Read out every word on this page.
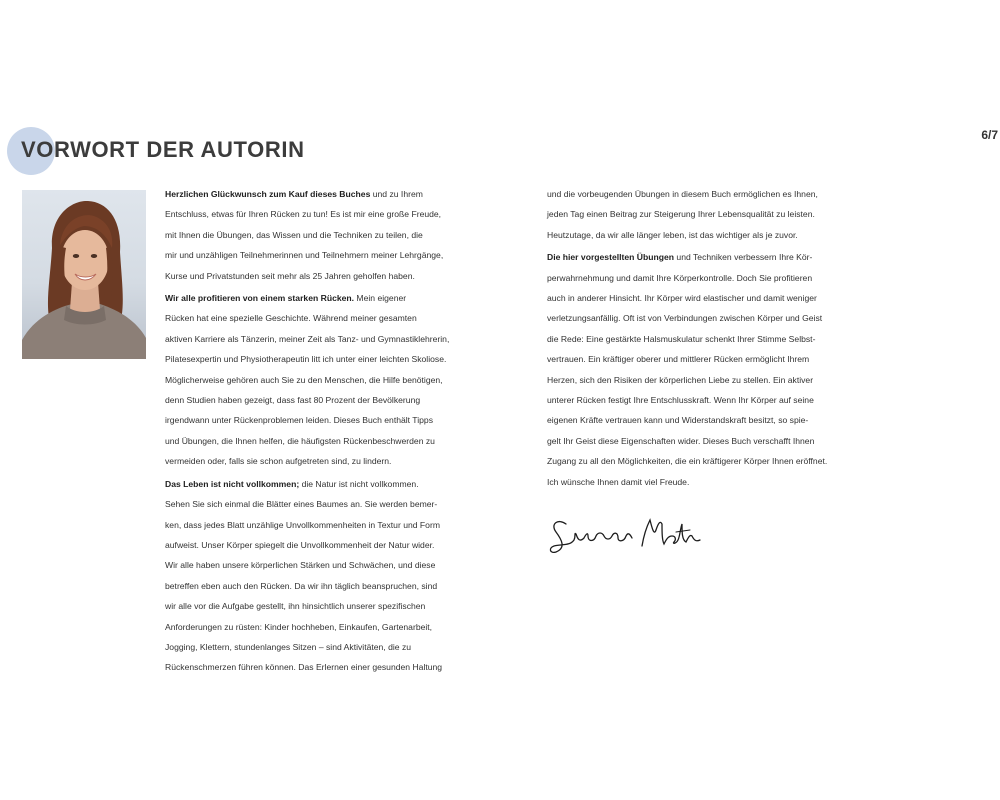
6/7
VORWORT DER AUTORIN

Herzlichen Glückwunsch zum Kauf dieses Buches und zu Ihrem
Entschluss, etwas für Ihren Rücken zu tun! Es ist mir eine große Freude,
mit Ihnen die Übungen, das Wissen und die Techniken zu teilen, die
mir und unzähligen Teilnehmerinnen und Teilnehmern meiner Lehrgänge,
Kurse und Privatstunden seit mehr als 25 Jahren geholfen haben.

Wir alle profitieren von einem starken Rücken. Mein eigener
Rücken hat eine spezielle Geschichte. Während meiner gesamten
aktiven Karriere als Tänzerin, meiner Zeit als Tanz- und Gymnastiklehrerin,
Pilatesexpertin und Physiotherapeutin litt ich unter einer leichten Skoliose.
Möglicherweise gehören auch Sie zu den Menschen, die Hilfe benötigen,
denn Studien haben gezeigt, dass fast 80 Prozent der Bevölkerung
irgendwann unter Rückenproblemen leiden. Dieses Buch enthält Tipps
und Übungen, die Ihnen helfen, die häufigsten Rückenbeschwerden zu
vermeiden oder, falls sie schon aufgetreten sind, zu lindern.

Das Leben ist nicht vollkommen; die Natur ist nicht vollkommen.
Sehen Sie sich einmal die Blätter eines Baumes an. Sie werden bemer-
ken, dass jedes Blatt unzählige Unvollkommenheiten in Textur und Form
aufweist. Unser Körper spiegelt die Unvollkommenheit der Natur wider.
Wir alle haben unsere körperlichen Stärken und Schwächen, und diese
betreffen eben auch den Rücken. Da wir ihn täglich beanspruchen, sind
wir alle vor die Aufgabe gestellt, ihn hinsichtlich unserer spezifischen
Anforderungen zu rüsten: Kinder hochheben, Einkaufen, Gartenarbeit,
Jogging, Klettern, stundenlanges Sitzen – sind Aktivitäten, die zu
Rückenschmerzen führen können. Das Erlernen einer gesunden Haltung

und die vorbeugenden Übungen in diesem Buch ermöglichen es Ihnen,
jeden Tag einen Beitrag zur Steigerung Ihrer Lebensqualität zu leisten.
Heutzutage, da wir alle länger leben, ist das wichtiger als je zuvor.

Die hier vorgestellten Übungen und Techniken verbessern Ihre Kör-
perwahrnehmung und damit Ihre Körperkontrolle. Doch Sie profitieren
auch in anderer Hinsicht. Ihr Körper wird elastischer und damit weniger
verletzungsanfällig. Oft ist von Verbindungen zwischen Körper und Geist
die Rede: Eine gestärkte Halsmuskulatur schenkt Ihrer Stimme Selbst-
vertrauen. Ein kräftiger oberer und mittlerer Rücken ermöglicht Ihrem
Herzen, sich den Risiken der körperlichen Liebe zu stellen. Ein aktiver
unterer Rücken festigt Ihre Entschlusskraft. Wenn Ihr Körper auf seine
eigenen Kräfte vertrauen kann und Widerstandskraft besitzt, so spie-
gelt Ihr Geist diese Eigenschaften wider. Dieses Buch verschafft Ihnen
Zugang zu all den Möglichkeiten, die ein kräftigerer Körper Ihnen eröffnet.
Ich wünsche Ihnen damit viel Freude.
